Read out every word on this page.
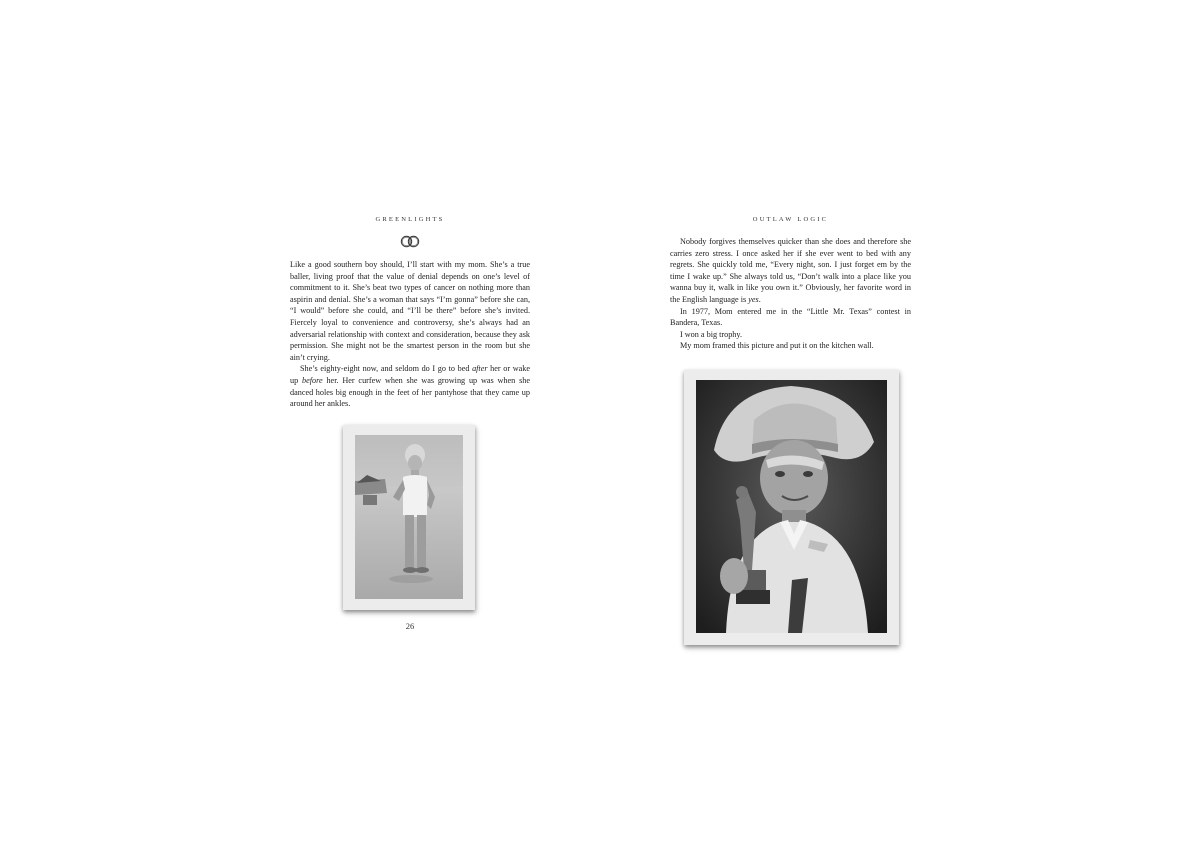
GREENLIGHTS

Like a good southern boy should, I’ll start with my mom. She’s a true baller, living proof that the value of denial depends on one’s level of commitment to it. She’s beat two types of cancer on nothing more than aspirin and denial. She’s a woman that says “I’m gonna” before she can, “I would” before she could, and “I’ll be there” before she’s invited. Fiercely loyal to convenience and controversy, she’s always had an adversarial relationship with context and consideration, because they ask permission. She might not be the smartest person in the room but she ain’t crying.

She’s eighty-eight now, and seldom do I go to bed after her or wake up before her. Her curfew when she was growing up was when she danced holes big enough in the feet of her pantyhose that they came up around her ankles.

26
OUTLAW LOGIC

Nobody forgives themselves quicker than she does and therefore she carries zero stress. I once asked her if she ever went to bed with any regrets. She quickly told me, “Every night, son. I just forget em by the time I wake up.” She always told us, “Don’t walk into a place like you wanna buy it, walk in like you own it.” Obviously, her favorite word in the English language is yes.

In 1977, Mom entered me in the “Little Mr. Texas” contest in Bandera, Texas.

I won a big trophy.

My mom framed this picture and put it on the kitchen wall.
